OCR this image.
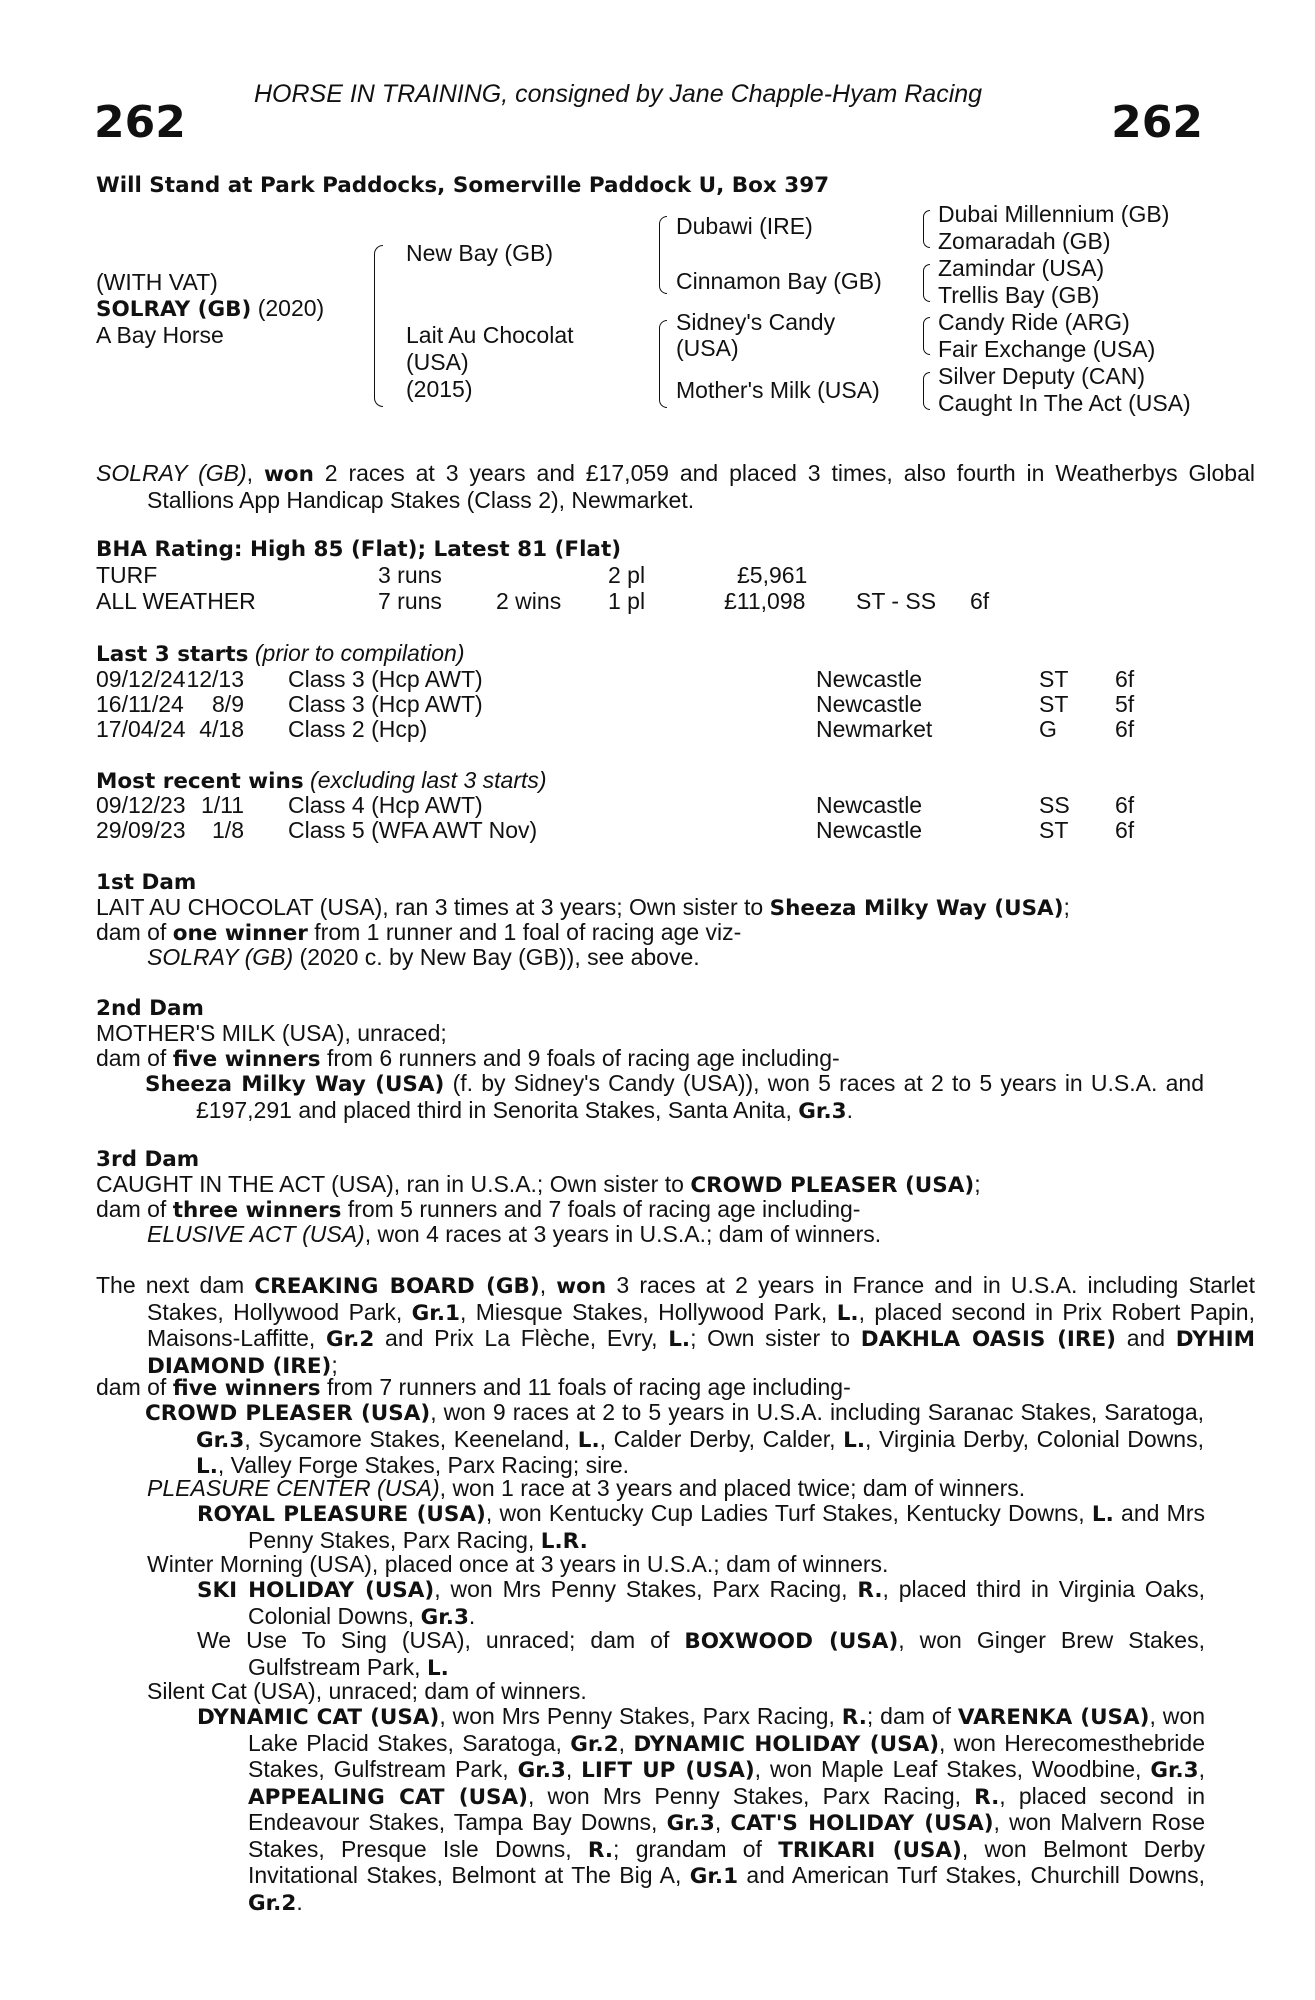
HORSE IN TRAINING, consigned by Jane Chapple-Hyam Racing
262	262
Will Stand at Park Paddocks, Somerville Paddock U, Box 397
(WITH VAT)
SOLRAY (GB) (2020)
A Bay Horse
New Bay (GB)
Lait Au Chocolat
(USA)
(2015)
Dubawi (IRE)
Cinnamon Bay (GB)
Sidney's Candy
(USA)
Mother's Milk (USA)
Dubai Millennium (GB)
Zomaradah (GB)
Zamindar (USA)
Trellis Bay (GB)
Candy Ride (ARG)
Fair Exchange (USA)
Silver Deputy (CAN)
Caught In The Act (USA)
SOLRAY (GB), won 2 races at 3 years and £17,059 and placed 3 times, also fourth in Weatherbys Global Stallions App Handicap Stakes (Class 2), Newmarket.
BHA Rating: High 85 (Flat); Latest 81 (Flat)
TURF	3 runs	2 pl	£5,961
ALL WEATHER	7 runs 2 wins 1 pl	£11,098 ST - SS 6f
Last 3 starts (prior to compilation)
09/12/24 12/13 Class 3 (Hcp AWT)	Newcastle	ST 6f
16/11/24 8/9 Class 3 (Hcp AWT)	Newcastle	ST 5f
17/04/24 4/18 Class 2 (Hcp)	Newmarket	G	6f
Most recent wins (excluding last 3 starts)
09/12/23 1/11 Class 4 (Hcp AWT)	Newcastle	SS 6f
29/09/23 1/8 Class 5 (WFA AWT Nov)	Newcastle	ST 6f
1st Dam
LAIT AU CHOCOLAT (USA), ran 3 times at 3 years; Own sister to Sheeza Milky Way (USA);
dam of one winner from 1 runner and 1 foal of racing age viz-
SOLRAY (GB) (2020 c. by New Bay (GB)), see above.
2nd Dam
MOTHER'S MILK (USA), unraced;
dam of five winners from 6 runners and 9 foals of racing age including-
Sheeza Milky Way (USA) (f. by Sidney's Candy (USA)), won 5 races at 2 to 5 years in U.S.A. and £197,291 and placed third in Senorita Stakes, Santa Anita, Gr.3.
3rd Dam
CAUGHT IN THE ACT (USA), ran in U.S.A.; Own sister to CROWD PLEASER (USA);
dam of three winners from 5 runners and 7 foals of racing age including-
ELUSIVE ACT (USA), won 4 races at 3 years in U.S.A.; dam of winners.
The next dam CREAKING BOARD (GB), won 3 races at 2 years in France and in U.S.A. including Starlet Stakes, Hollywood Park, Gr.1, Miesque Stakes, Hollywood Park, L., placed second in Prix Robert Papin, Maisons-Laffitte, Gr.2 and Prix La Flèche, Evry, L.; Own sister to DAKHLA OASIS (IRE) and DYHIM DIAMOND (IRE);
dam of five winners from 7 runners and 11 foals of racing age including-
CROWD PLEASER (USA), won 9 races at 2 to 5 years in U.S.A. including Saranac Stakes, Saratoga, Gr.3, Sycamore Stakes, Keeneland, L., Calder Derby, Calder, L., Virginia Derby, Colonial Downs, L., Valley Forge Stakes, Parx Racing; sire.
PLEASURE CENTER (USA), won 1 race at 3 years and placed twice; dam of winners.
ROYAL PLEASURE (USA), won Kentucky Cup Ladies Turf Stakes, Kentucky Downs, L. and Mrs Penny Stakes, Parx Racing, L.R.
Winter Morning (USA), placed once at 3 years in U.S.A.; dam of winners.
SKI HOLIDAY (USA), won Mrs Penny Stakes, Parx Racing, R., placed third in Virginia Oaks, Colonial Downs, Gr.3.
We Use To Sing (USA), unraced; dam of BOXWOOD (USA), won Ginger Brew Stakes, Gulfstream Park, L.
Silent Cat (USA), unraced; dam of winners.
DYNAMIC CAT (USA), won Mrs Penny Stakes, Parx Racing, R.; dam of VARENKA (USA), won Lake Placid Stakes, Saratoga, Gr.2, DYNAMIC HOLIDAY (USA), won Herecomesthebride Stakes, Gulfstream Park, Gr.3, LIFT UP (USA), won Maple Leaf Stakes, Woodbine, Gr.3, APPEALING CAT (USA), won Mrs Penny Stakes, Parx Racing, R., placed second in Endeavour Stakes, Tampa Bay Downs, Gr.3, CAT'S HOLIDAY (USA), won Malvern Rose Stakes, Presque Isle Downs, R.; grandam of TRIKARI (USA), won Belmont Derby Invitational Stakes, Belmont at The Big A, Gr.1 and American Turf Stakes, Churchill Downs, Gr.2.
